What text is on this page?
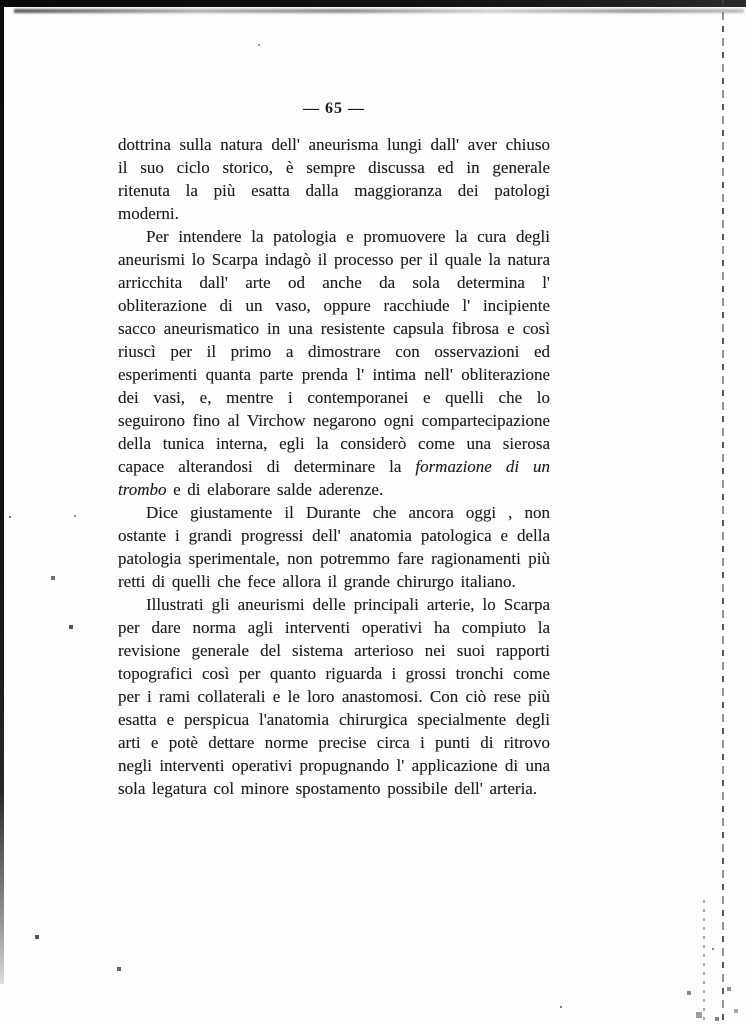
— 65 —

dottrina sulla natura dell' aneurisma lungi dall' aver chiuso il suo ciclo storico, è sempre discussa ed in generale ritenuta la più esatta dalla maggioranza dei patologi moderni.

Per intendere la patologia e promuovere la cura degli aneurismi lo Scarpa indagò il processo per il quale la natura arricchita dall' arte od anche da sola determina l' obliterazione di un vaso, oppure racchiude l' incipiente sacco aneurismatico in una resistente capsula fibrosa e così riuscì per il primo a dimostrare con osservazioni ed esperimenti quanta parte prenda l' intima nell' obliterazione dei vasi, e, mentre i contemporanei e quelli che lo seguirono fino al Virchow negarono ogni compartecipazione della tunica interna, egli la considerò come una sierosa capace alterandosi di determinare la formazione di un trombo e di elaborare salde aderenze.

Dice giustamente il Durante che ancora oggi , non ostante i grandi progressi dell' anatomia patologica e della patologia sperimentale, non potremmo fare ragionamenti più retti di quelli che fece allora il grande chirurgo italiano.

Illustrati gli aneurismi delle principali arterie, lo Scarpa per dare norma agli interventi operativi ha compiuto la revisione generale del sistema arterioso nei suoi rapporti topografici così per quanto riguarda i grossi tronchi come per i rami collaterali e le loro anastomosi. Con ciò rese più esatta e perspicua l'anatomia chirurgica specialmente degli arti e potè dettare norme precise circa i punti di ritrovo negli interventi operativi propugnando l' applicazione di una sola legatura col minore spostamento possibile dell' arteria.
